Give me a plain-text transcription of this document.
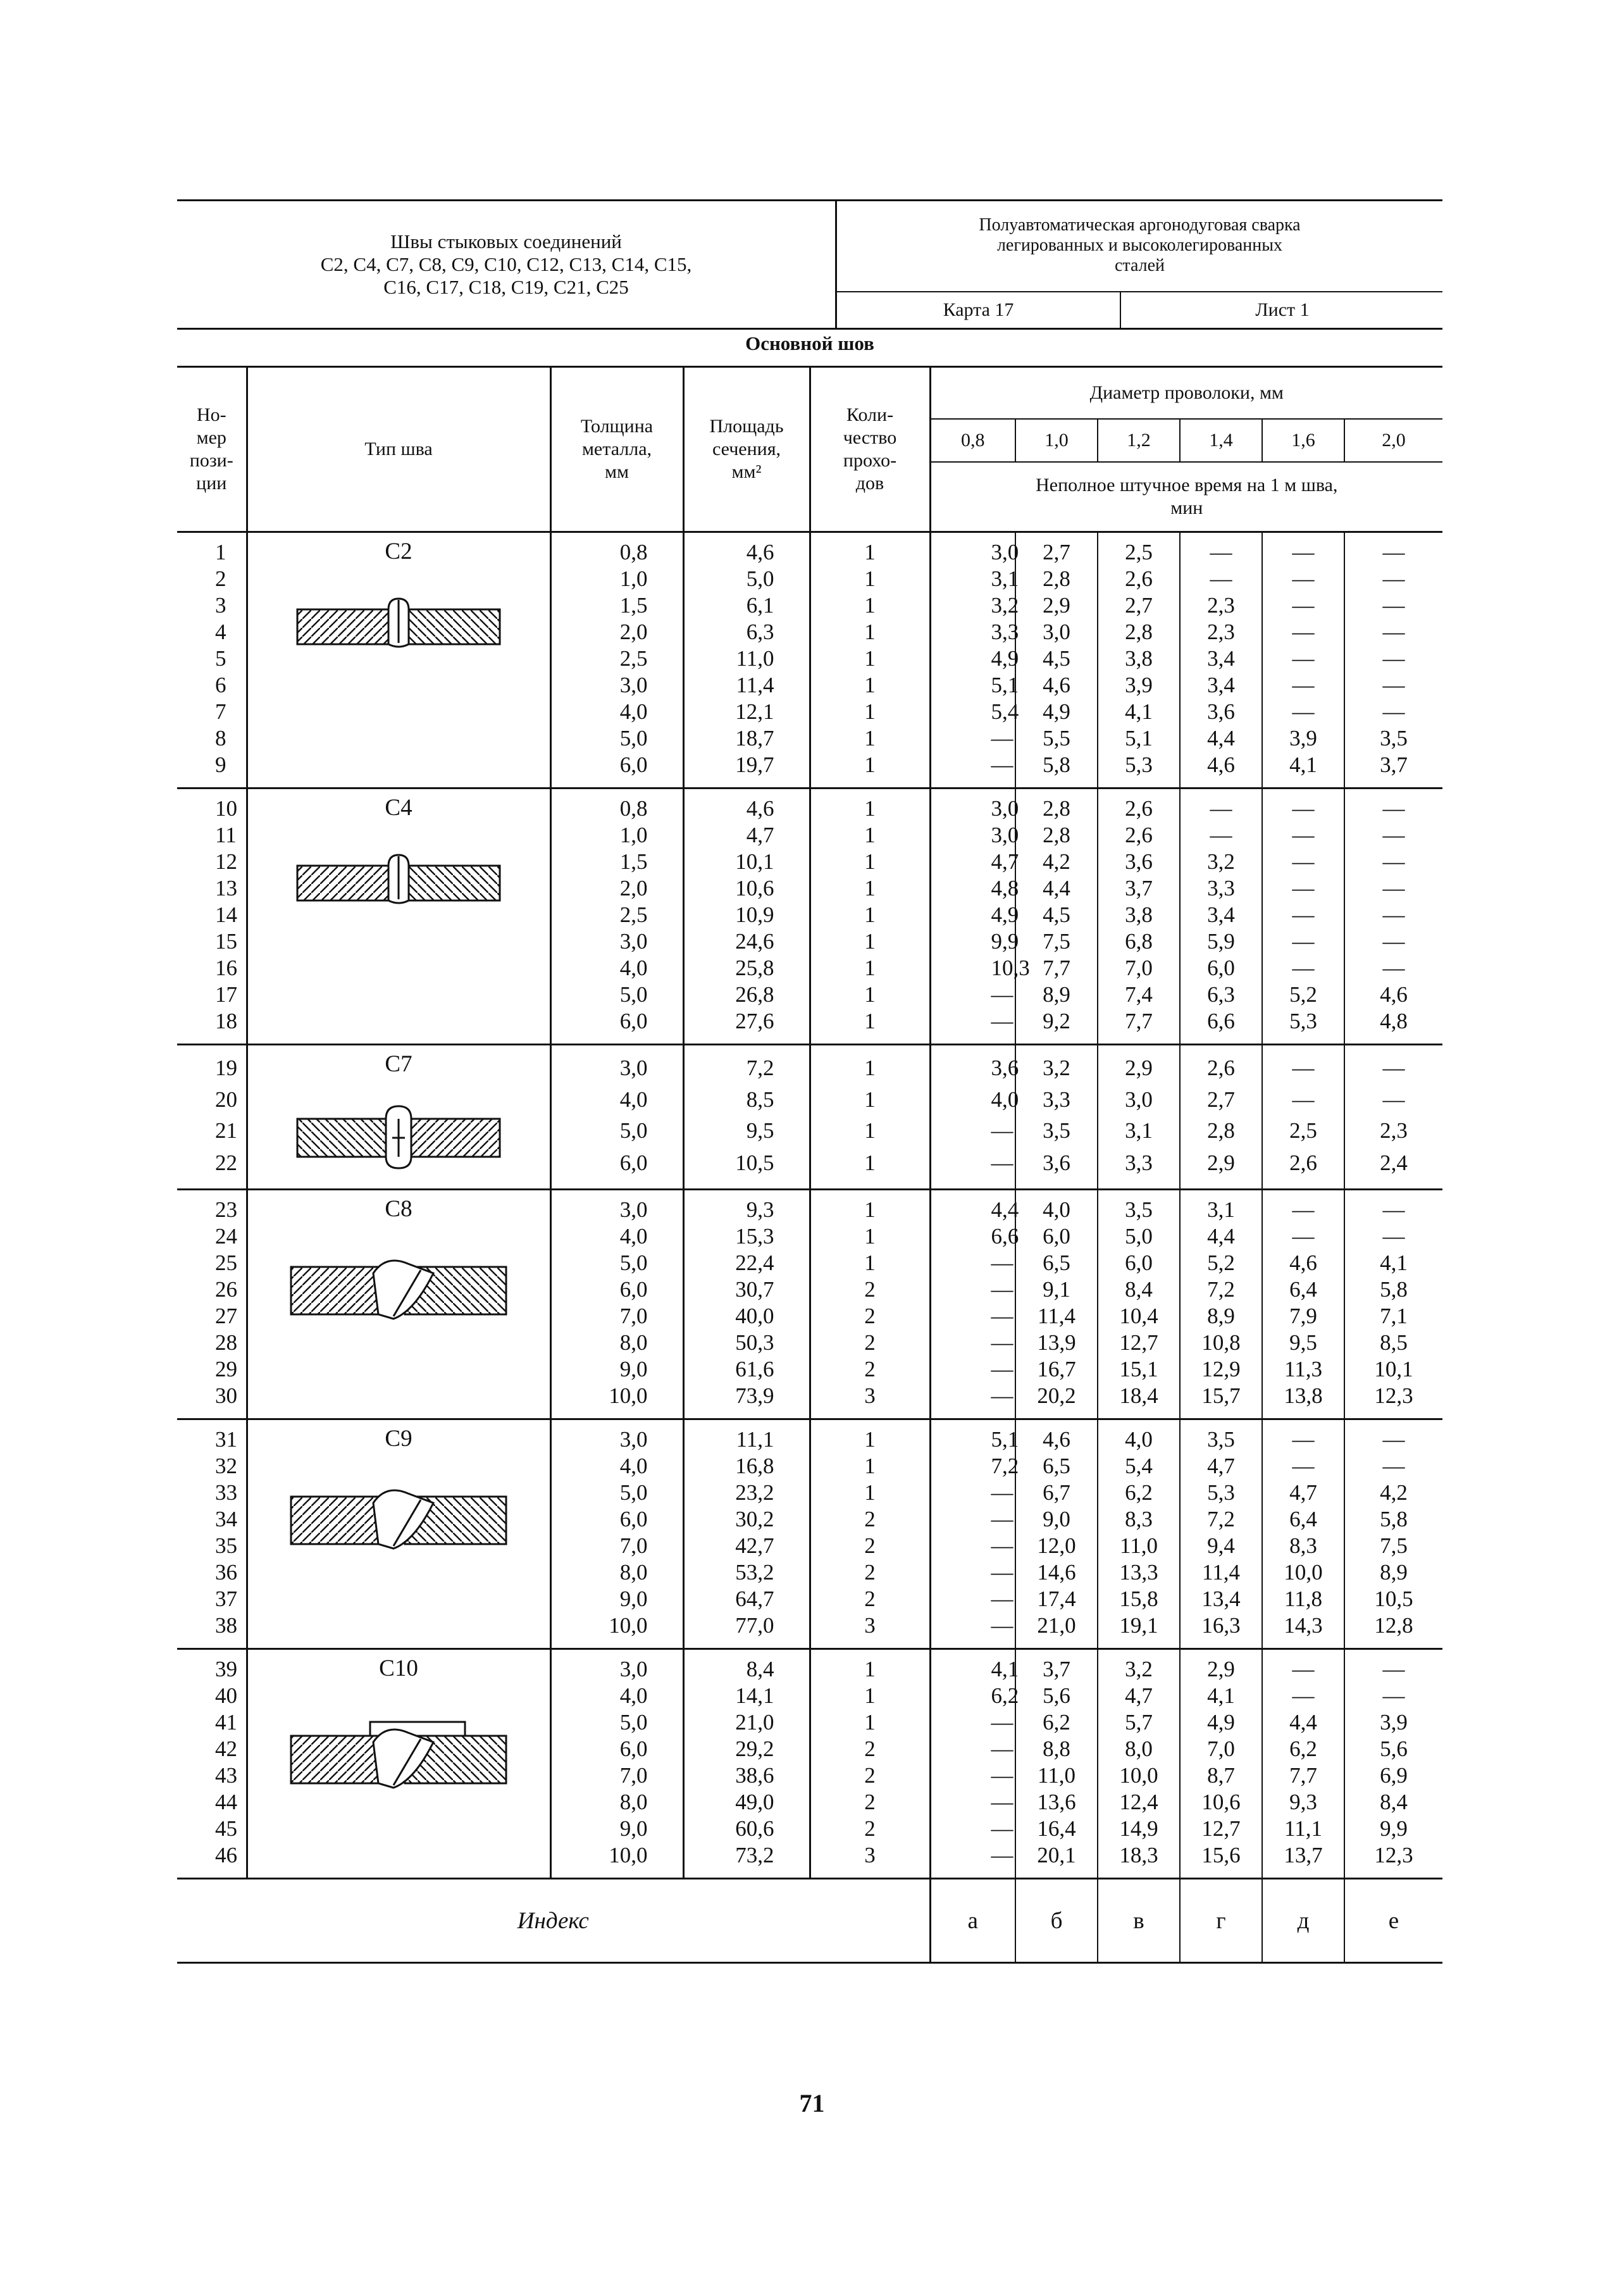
Швы стыковых соединений
С2, С4, С7, С8, С9, С10, С12, С13, С14, С15,
С16, С17, С18, С19, С21, С25
Полуавтоматическая аргонодуговая сварка
легированных и высоколегированных
сталей
Карта 17	Лист 1
Основной шов
Но-
мер
пози-
ции	Тип шва	Толщина
металла,
мм	Площадь
сечения,
мм²	Коли-
чество
прохо-
дов	Диаметр проволоки, мм					
					0,8	1,0	1,2	1,4	1,6	2,0
					Неполное штучное время на 1 м шва,
мин					
1	С2	0,8	4,6	1	3,0	2,7	2,5	—	—	—
2		1,0	5,0	1	3,1	2,8	2,6	—	—	—
3		1,5	6,1	1	3,2	2,9	2,7	2,3	—	—
4		2,0	6,3	1	3,3	3,0	2,8	2,3	—	—
5		2,5	11,0	1	4,9	4,5	3,8	3,4	—	—
6		3,0	11,4	1	5,1	4,6	3,9	3,4	—	—
7		4,0	12,1	1	5,4	4,9	4,1	3,6	—	—
8		5,0	18,7	1	—	5,5	5,1	4,4	3,9	3,5
9		6,0	19,7	1	—	5,8	5,3	4,6	4,1	3,7
10	С4	0,8	4,6	1	3,0	2,8	2,6	—	—	—
11		1,0	4,7	1	3,0	2,8	2,6	—	—	—
12		1,5	10,1	1	4,7	4,2	3,6	3,2	—	—
13		2,0	10,6	1	4,8	4,4	3,7	3,3	—	—
14		2,5	10,9	1	4,9	4,5	3,8	3,4	—	—
15		3,0	24,6	1	9,9	7,5	6,8	5,9	—	—
16		4,0	25,8	1	10,3	7,7	7,0	6,0	—	—
17		5,0	26,8	1	—	8,9	7,4	6,3	5,2	4,6
18		6,0	27,6	1	—	9,2	7,7	6,6	5,3	4,8
19	С7	3,0	7,2	1	3,6	3,2	2,9	2,6	—	—
20		4,0	8,5	1	4,0	3,3	3,0	2,7	—	—
21		5,0	9,5	1	—	3,5	3,1	2,8	2,5	2,3
22		6,0	10,5	1	—	3,6	3,3	2,9	2,6	2,4
23	С8	3,0	9,3	1	4,4	4,0	3,5	3,1	—	—
24		4,0	15,3	1	6,6	6,0	5,0	4,4	—	—
25		5,0	22,4	1	—	6,5	6,0	5,2	4,6	4,1
26		6,0	30,7	2	—	9,1	8,4	7,2	6,4	5,8
27		7,0	40,0	2	—	11,4	10,4	8,9	7,9	7,1
28		8,0	50,3	2	—	13,9	12,7	10,8	9,5	8,5
29		9,0	61,6	2	—	16,7	15,1	12,9	11,3	10,1
30		10,0	73,9	3	—	20,2	18,4	15,7	13,8	12,3
31	С9	3,0	11,1	1	5,1	4,6	4,0	3,5	—	—
32		4,0	16,8	1	7,2	6,5	5,4	4,7	—	—
33		5,0	23,2	1	—	6,7	6,2	5,3	4,7	4,2
34		6,0	30,2	2	—	9,0	8,3	7,2	6,4	5,8
35		7,0	42,7	2	—	12,0	11,0	9,4	8,3	7,5
36		8,0	53,2	2	—	14,6	13,3	11,4	10,0	8,9
37		9,0	64,7	2	—	17,4	15,8	13,4	11,8	10,5
38		10,0	77,0	3	—	21,0	19,1	16,3	14,3	12,8
39	С10	3,0	8,4	1	4,1	3,7	3,2	2,9	—	—
40		4,0	14,1	1	6,2	5,6	4,7	4,1	—	—
41		5,0	21,0	1	—	6,2	5,7	4,9	4,4	3,9
42		6,0	29,2	2	—	8,8	8,0	7,0	6,2	5,6
43		7,0	38,6	2	—	11,0	10,0	8,7	7,7	6,9
44		8,0	49,0	2	—	13,6	12,4	10,6	9,3	8,4
45		9,0	60,6	2	—	16,4	14,9	12,7	11,1	9,9
46		10,0	73,2	3	—	20,1	18,3	15,6	13,7	12,3
Индекс					а	б	в	г	д	е
71
